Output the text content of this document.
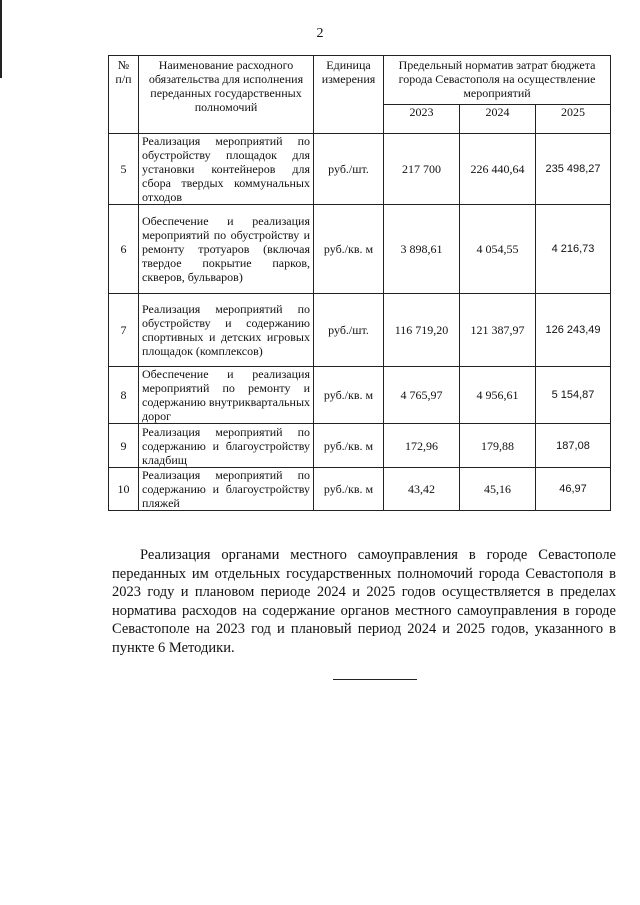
2
№ п/п	Наименование расходного обязательства для исполнения переданных государственных полномочий	Единица измерения	Предельный норматив затрат бюджета города Севастополя на осуществление мероприятий		
			2023	2024	2025
5	Реализация мероприятий по обустройству площадок для установки контейнеров для сбора твердых коммунальных отходов	руб./шт.	217 700	226 440,64	235 498,27
6	Обеспечение и реализация мероприятий по обустройству и ремонту тротуаров (включая твердое покрытие парков, скверов, бульваров)	руб./кв. м	3 898,61	4 054,55	4 216,73
7	Реализация мероприятий по обустройству и содержанию спортивных и детских игровых площадок (комплексов)	руб./шт.	116 719,20	121 387,97	126 243,49
8	Обеспечение и реализация мероприятий по ремонту и содержанию внутриквартальных дорог	руб./кв. м	4 765,97	4 956,61	5 154,87
9	Реализация мероприятий по содержанию и благоустройству кладбищ	руб./кв. м	172,96	179,88	187,08
10	Реализация мероприятий по содержанию и благоустройству пляжей	руб./кв. м	43,42	45,16	46,97

Реализация органами местного самоуправления в городе Севастополе переданных им отдельных государственных полномочий города Севастополя в 2023 году и плановом периоде 2024 и 2025 годов осуществляется в пределах норматива расходов на содержание органов местного самоуправления в городе Севастополе на 2023 год и плановый период 2024 и 2025 годов, указанного в пункте 6 Методики.
